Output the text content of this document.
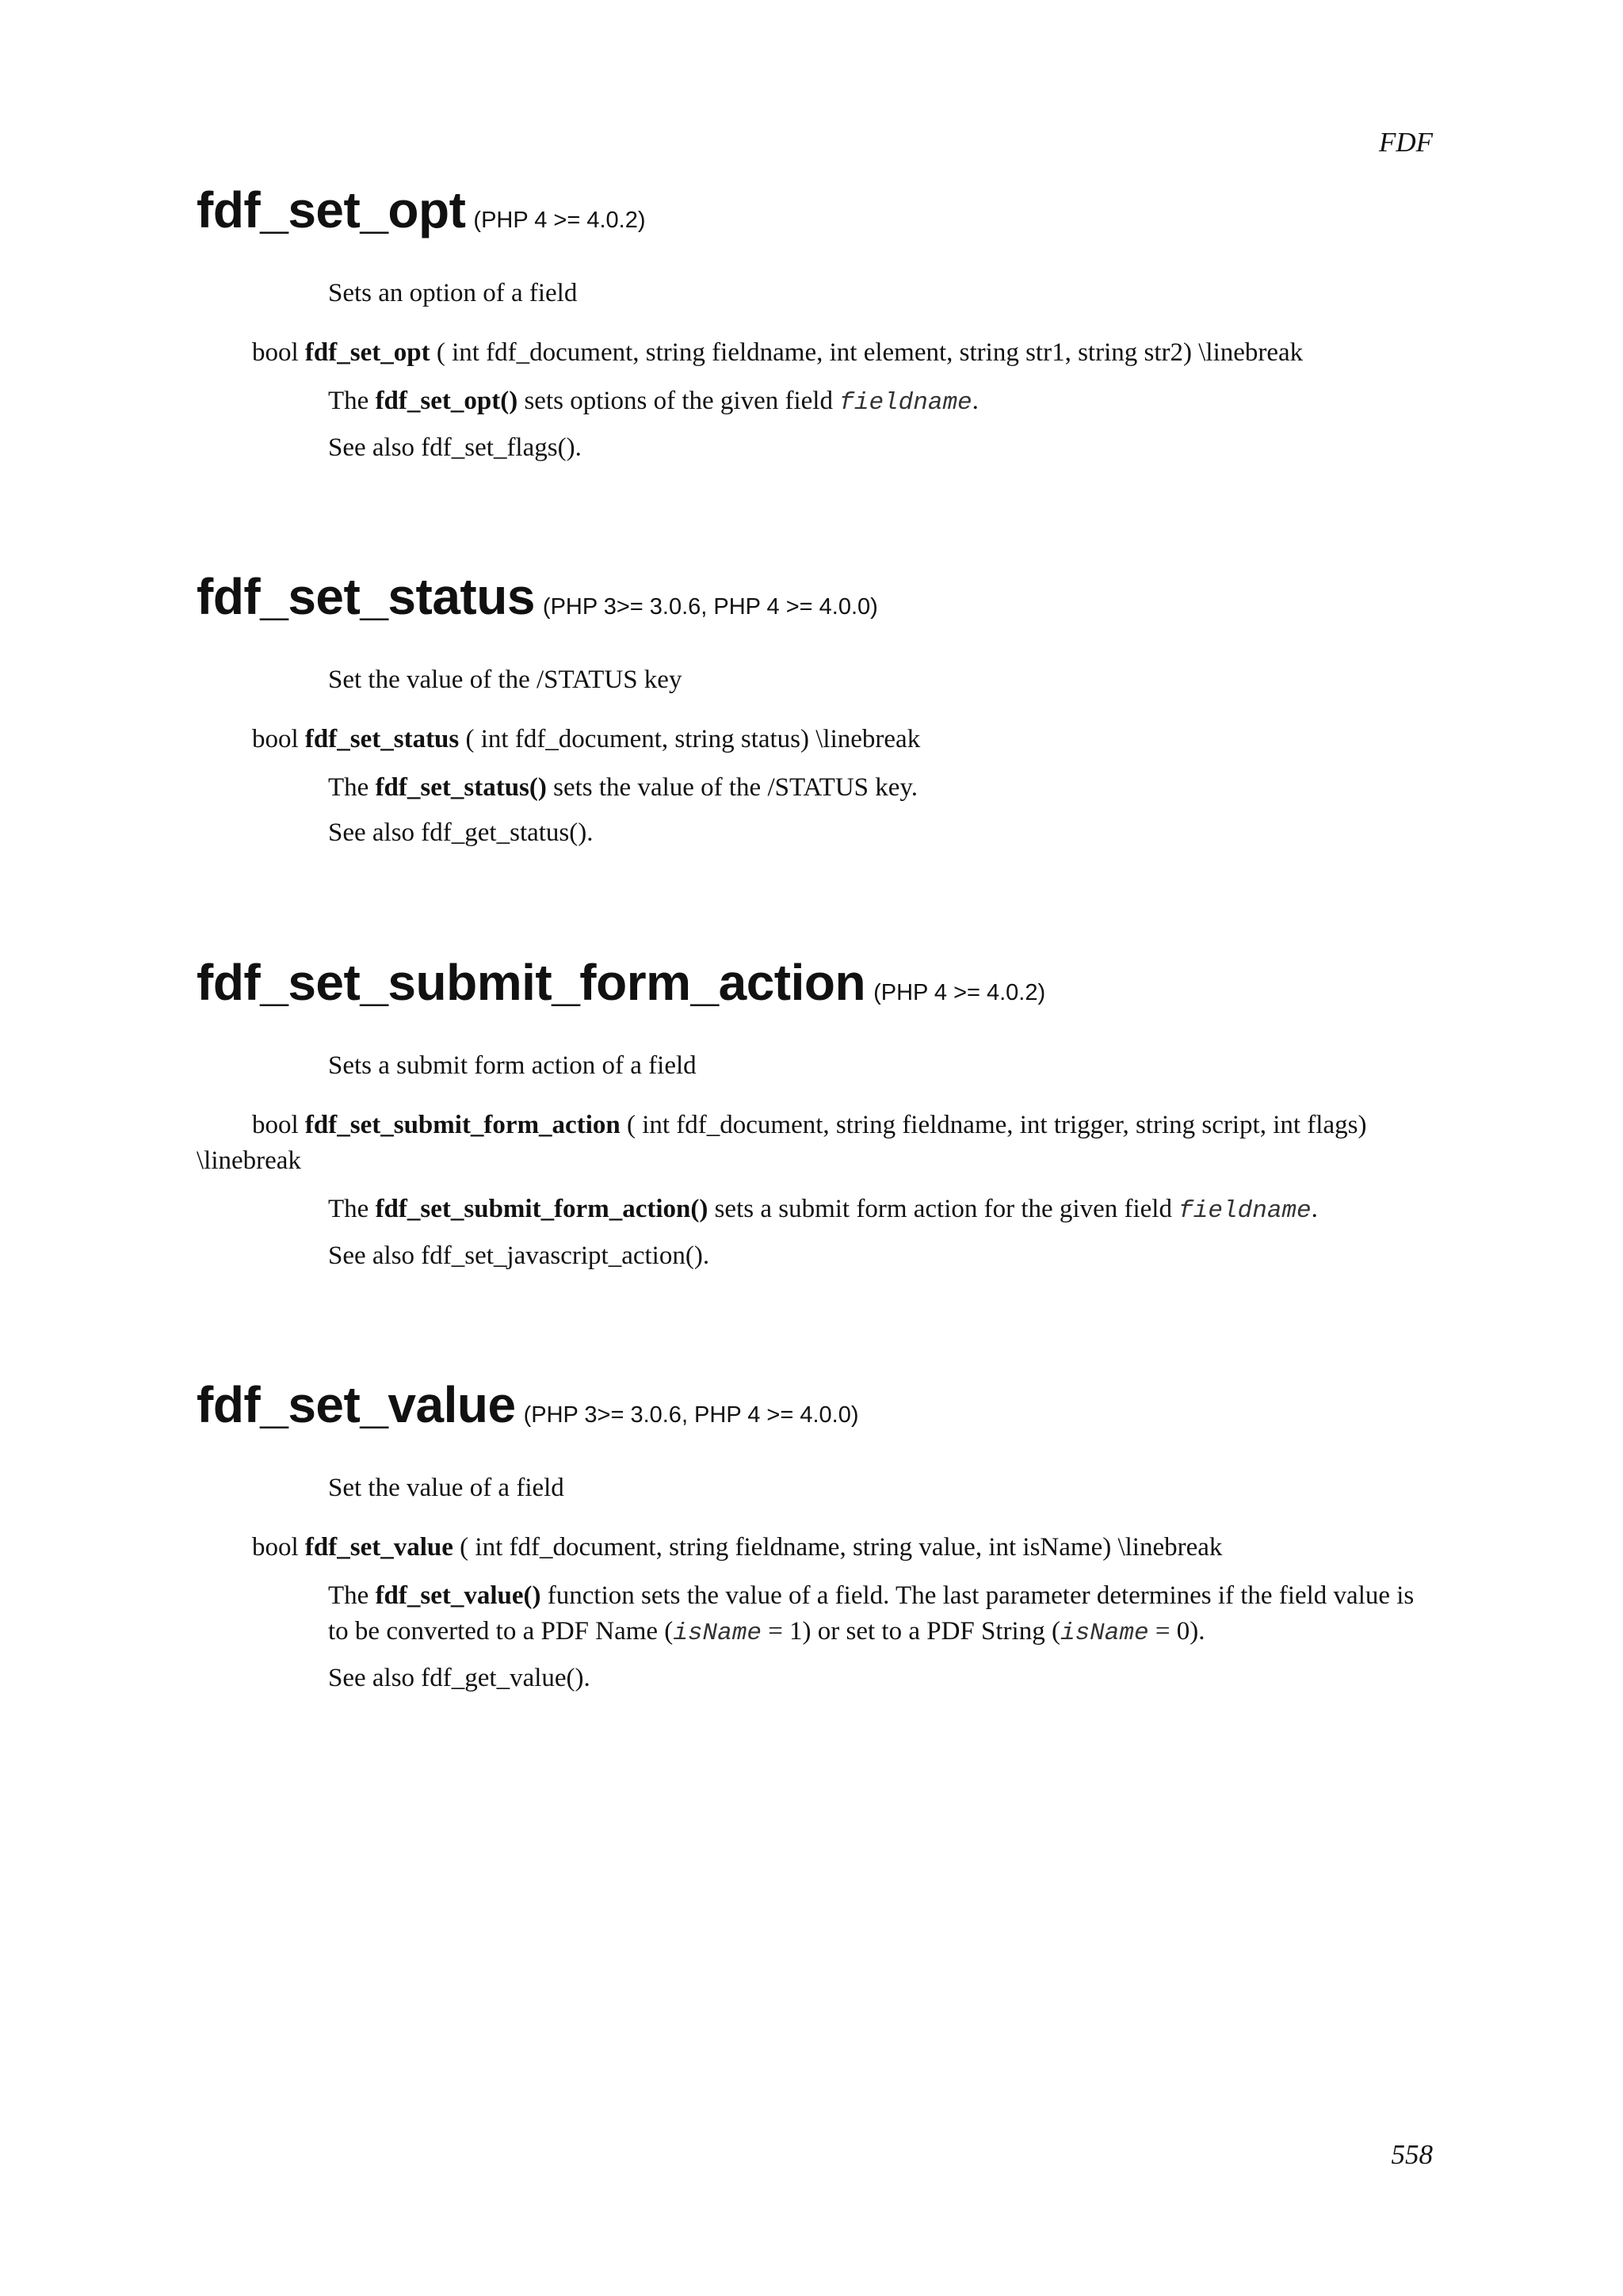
FDF
fdf_set_opt (PHP 4 >= 4.0.2)
Sets an option of a field
bool fdf_set_opt ( int fdf_document, string fieldname, int element, string str1, string str2) \linebreak
The fdf_set_opt() sets options of the given field fieldname.
See also fdf_set_flags().
fdf_set_status (PHP 3>= 3.0.6, PHP 4 >= 4.0.0)
Set the value of the /STATUS key
bool fdf_set_status ( int fdf_document, string status) \linebreak
The fdf_set_status() sets the value of the /STATUS key.
See also fdf_get_status().
fdf_set_submit_form_action (PHP 4 >= 4.0.2)
Sets a submit form action of a field
bool fdf_set_submit_form_action ( int fdf_document, string fieldname, int trigger, string script, int flags) \linebreak
The fdf_set_submit_form_action() sets a submit form action for the given field fieldname.
See also fdf_set_javascript_action().
fdf_set_value (PHP 3>= 3.0.6, PHP 4 >= 4.0.0)
Set the value of a field
bool fdf_set_value ( int fdf_document, string fieldname, string value, int isName) \linebreak
The fdf_set_value() function sets the value of a field. The last parameter determines if the field value is to be converted to a PDF Name (isName = 1) or set to a PDF String (isName = 0).
See also fdf_get_value().
558
